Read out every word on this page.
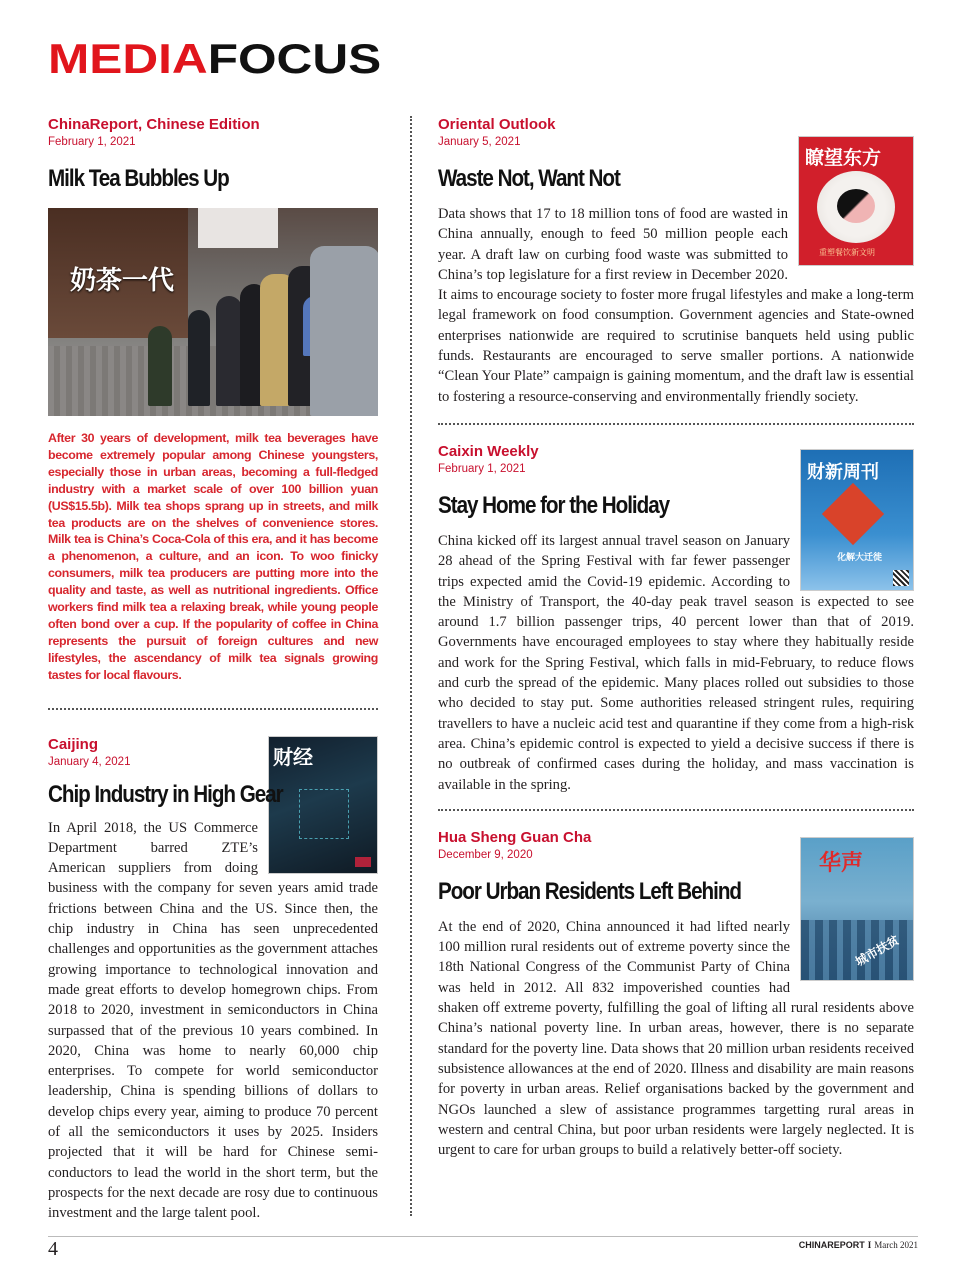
MEDIAFOCUS
ChinaReport, Chinese Edition
February 1, 2021
Milk Tea Bubbles Up
奶茶一代

After 30 years of development, milk tea beverages have become extremely popular among Chinese youngsters, especially those in urban areas, becoming a full-fledged industry with a market scale of over 100 billion yuan (US$15.5b). Milk tea shops sprang up in streets, and milk tea products are on the shelves of convenience stores. Milk tea is China’s Coca-Cola of this era, and it has become a phenomenon, a culture, and an icon. To woo finicky consumers, milk tea producers are putting more into the quality and taste, as well as nutritional ingredients. Office workers find milk tea a relaxing break, while young people often bond over a cup. If the popularity of coffee in China represents the pursuit of foreign cultures and new lifestyles, the ascendancy of milk tea signals growing tastes for local flavours.

财经
Caijing
January 4, 2021
Chip Industry in High Gear

In April 2018, the US Commerce Department barred ZTE’s American suppliers from doing business with the company for seven years amid trade frictions between China and the US. Since then, the chip industry in China has seen unprecedented challenges and opportunities as the government attaches growing importance to technological innovation and made great efforts to develop homegrown chips. From 2018 to 2020, investment in semiconductors in China surpassed that of the previous 10 years combined. In 2020, China was home to nearly 60,000 chip enterprises. To compete for world semiconductor leadership, China is spending billions of dollars to develop chips every year, aiming to produce 70 percent of all the semiconductors it uses by 2025. Insiders projected that it will be hard for Chinese semi-conductors to lead the world in the short term, but the prospects for the next decade are rosy due to continuous investment and the large talent pool.

瞭望东方
重塑餐饮新文明
Oriental Outlook
January 5, 2021
Waste Not, Want Not

Data shows that 17 to 18 million tons of food are wasted in China annually, enough to feed 50 million people each year. A draft law on curbing food waste was submitted to China’s top legislature for a first review in December 2020. It aims to encourage society to foster more frugal lifestyles and make a long-term legal framework on food consumption. Government agencies and State-owned enterprises nationwide are required to scrutinise banquets held using public funds. Restaurants are encouraged to serve smaller portions. A nationwide “Clean Your Plate” campaign is gaining momentum, and the draft law is essential to fostering a resource-conserving and environmentally friendly society.

财新周刊
化解大迁徙
Caixin Weekly
February 1, 2021
Stay Home for the Holiday

China kicked off its largest annual travel season on January 28 ahead of the Spring Festival with far fewer passenger trips expected amid the Covid-19 epidemic. According to the Ministry of Transport, the 40-day peak travel season is expected to see around 1.7 billion passenger trips, 40 percent lower than that of 2019. Governments have encouraged employees to stay where they habitually reside and work for the Spring Festival, which falls in mid-February, to reduce flows and curb the spread of the epidemic. Many places rolled out subsidies to those who decided to stay put. Some authorities released stringent rules, requiring travellers to have a nucleic acid test and quarantine if they come from a high-risk area. China’s epidemic control is expected to yield a decisive success if there is no outbreak of confirmed cases during the holiday, and mass vaccination is available in the spring.

华声
城市扶贫
Hua Sheng Guan Cha
December 9, 2020
Poor Urban Residents Left Behind

At the end of 2020, China announced it had lifted nearly 100 million rural residents out of extreme poverty since the 18th National Congress of the Communist Party of China was held in 2012. All 832 impoverished counties had shaken off extreme poverty, fulfilling the goal of lifting all rural residents above China’s national poverty line. In urban areas, however, there is no separate standard for the poverty line. Data shows that 20 million urban residents received subsistence allowances at the end of 2020. Illness and disability are main reasons for poverty in urban areas. Relief organisations backed by the government and NGOs launched a slew of assistance programmes targetting rural areas in western and central China, but poor urban residents were largely neglected. It is urgent to care for urban groups to build a relatively better-off society.

4	CHINAREPORT I March 2021
